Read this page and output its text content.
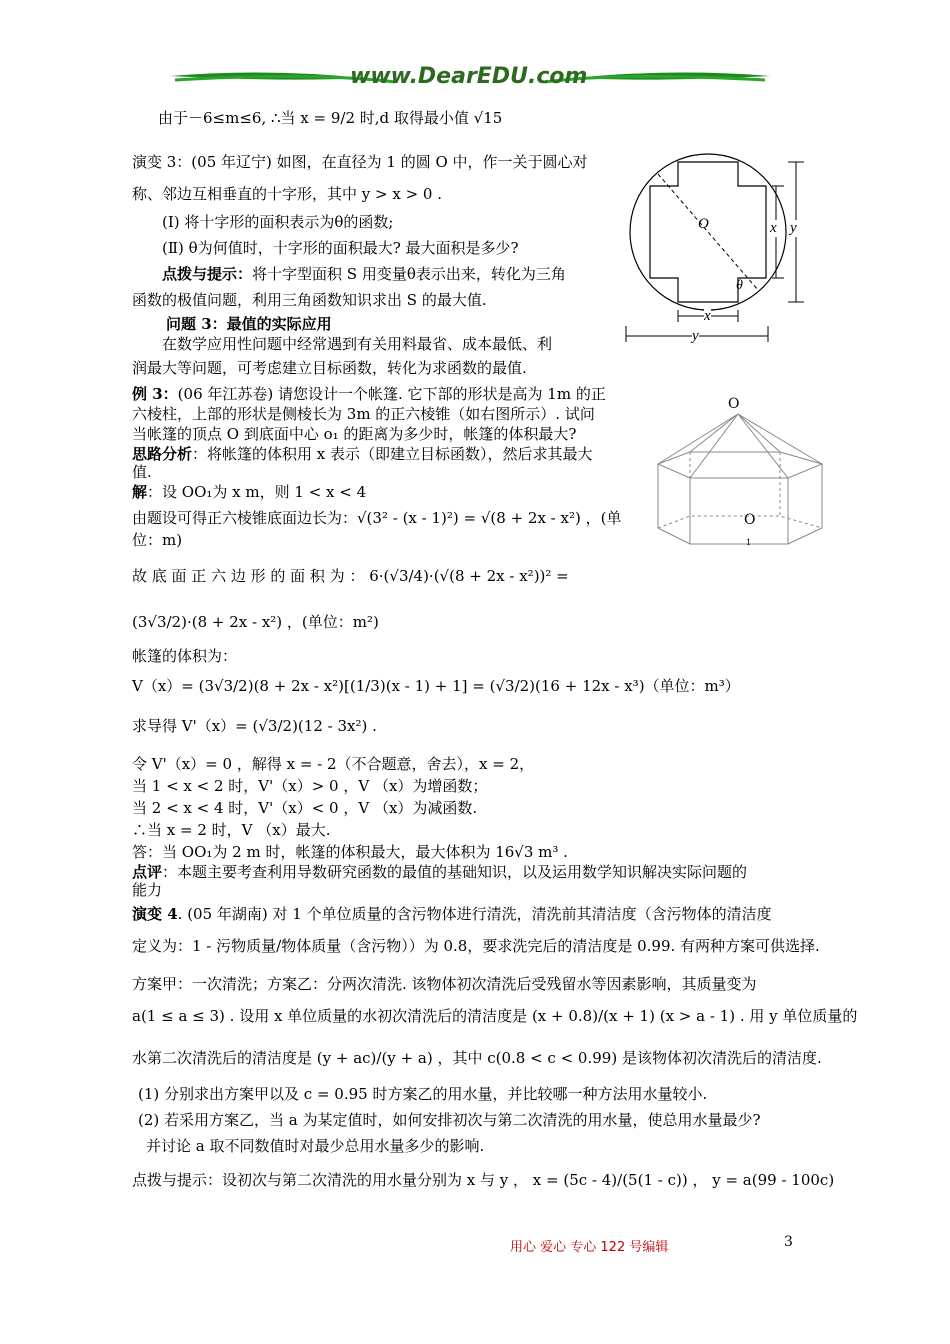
www.DearEDU.com
由于－6≤m≤6, ∴当 x = 9/2 时,d 取得最小值 √15
演变 3：(05 年辽宁) 如图，在直径为 1 的圆 O 中，作一关于圆心对
称、邻边互相垂直的十字形，其中 y > x > 0 .
(Ⅰ) 将十字形的面积表示为θ的函数;
(Ⅱ) θ为何值时，十字形的面积最大? 最大面积是多少?
点拨与提示：将十字型面积 S 用变量θ表示出来，转化为三角
函数的极值问题，利用三角函数知识求出 S 的最大值.
问题 3：最值的实际应用
在数学应用性问题中经常遇到有关用料最省、成本最低、利
润最大等问题，可考虑建立目标函数，转化为求函数的最值.
例 3：(06 年江苏卷) 请您设计一个帐篷. 它下部的形状是高为 1m 的正
六棱柱，上部的形状是侧棱长为 3m 的正六棱锥（如右图所示）. 试问
当帐篷的顶点 O 到底面中心 o₁ 的距离为多少时，帐篷的体积最大?
思路分析：将帐篷的体积用 x 表示（即建立目标函数），然后求其最大
值.
解：设 OO₁为 x m，则 1 < x < 4
由题设可得正六棱锥底面边长为：√(3² - (x - 1)²) = √(8 + 2x - x²) ，(单
位：m)
故 底 面 正 六 边 形 的 面 积 为 ： 6·(√3/4)·(√(8 + 2x - x²))² =
(3√3/2)·(8 + 2x - x²) ，(单位：m²)
帐篷的体积为：
V（x）= (3√3/2)(8 + 2x - x²)[(1/3)(x - 1) + 1] = (√3/2)(16 + 12x - x³)（单位：m³）
求导得 V'（x）= (√3/2)(12 - 3x²) .
令 V'（x）= 0 ，解得 x = - 2（不合题意，舍去），x = 2，
当 1 < x < 2 时，V'（x）> 0 ，V （x）为增函数；
当 2 < x < 4 时，V'（x）< 0 ，V （x）为减函数.
∴当 x = 2 时，V （x）最大.
答：当 OO₁为 2 m 时，帐篷的体积最大，最大体积为 16√3 m³ .
点评：本题主要考查利用导数研究函数的最值的基础知识，以及运用数学知识解决实际问题的
能力
演变 4. (05 年湖南) 对 1 个单位质量的含污物体进行清洗，清洗前其清洁度（含污物体的清洁度
定义为：1 - 污物质量/物体质量（含污物））为 0.8，要求洗完后的清洁度是 0.99. 有两种方案可供选择.
方案甲：一次清洗；方案乙：分两次清洗. 该物体初次清洗后受残留水等因素影响，其质量变为
a(1 ≤ a ≤ 3) . 设用 x 单位质量的水初次清洗后的清洁度是 (x + 0.8)/(x + 1) (x > a - 1) . 用 y 单位质量的
水第二次清洗后的清洁度是 (y + ac)/(y + a) ，其中 c(0.8 < c < 0.99) 是该物体初次清洗后的清洁度.
(1) 分别求出方案甲以及 c = 0.95 时方案乙的用水量，并比较哪一种方法用水量较小.
(2) 若采用方案乙，当 a 为某定值时，如何安排初次与第二次清洗的用水量，使总用水量最少?
并讨论 a 取不同数值时对最少总用水量多少的影响.
点拨与提示：设初次与第二次清洗的用水量分别为 x 与 y ， x = (5c - 4)/(5(1 - c)) ， y = a(99 - 100c)
O	x y
x
y
θ
O
O
1
用心 爱心 专心 122 号编辑	3
